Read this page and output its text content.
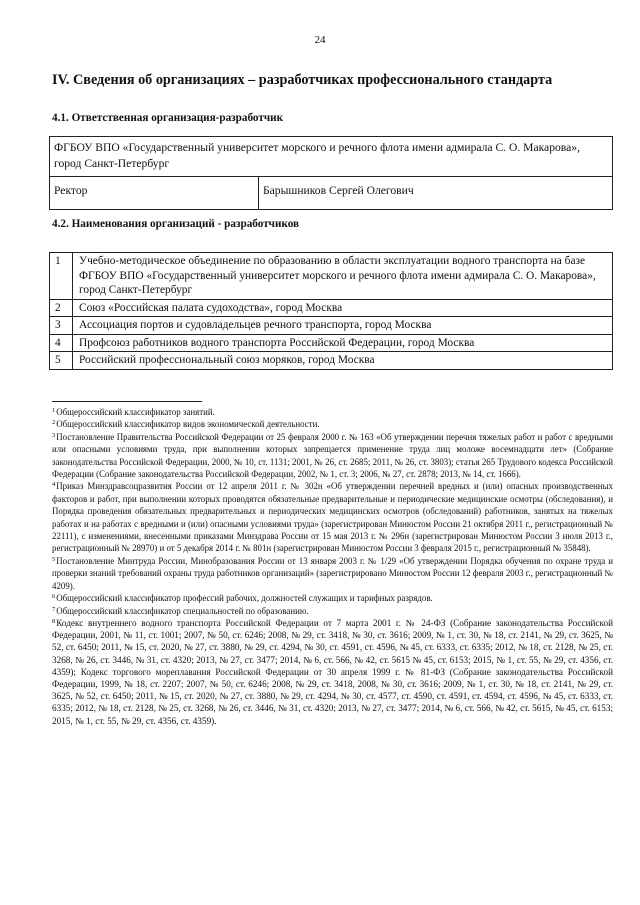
24
IV. Сведения об организациях – разработчиках профессионального стандарта
4.1. Ответственная организация-разработчик
ФГБОУ ВПО «Государственный университет морского и речного флота имени адмирала С. О. Макарова», город Санкт-Петербург
Ректор	Барышников Сергей Олегович
4.2. Наименования организаций - разработчиков
1	Учебно-методическое объединение по образованию в области эксплуатации водного транспорта на базе ФГБОУ ВПО «Государственный университет морского и речного флота имени адмирала С. О. Макарова», город Санкт-Петербург
2	Союз «Российская палата судоходства», город Москва
3	Ассоциация портов и судовладельцев речного транспорта, город Москва
4	Профсоюз работников водного транспорта Российской Федерации, город Москва
5	Российский профессиональный союз моряков, город Москва

$^1$Общероссийский классификатор занятий.

$^2$Общероссийский классификатор видов экономической деятельности.

$^3$Постановление Правительства Российской Федерации от 25 февраля 2000 г. № 163 «Об утверждении перечня тяжелых работ и работ с вредными или опасными условиями труда, при выполнении которых запрещается применение труда лиц моложе восемнадцати лет» (Собрание законодательства Российской Федерации, 2000, № 10, ст. 1131; 2001, № 26, ст. 2685; 2011, № 26, ст. 3803); статья 265 Трудового кодекса Российской Федерации (Собрание законодательства Российской Федерации, 2002, № 1, ст. 3; 2006, № 27, ст. 2878; 2013, № 14, ст. 1666).

$^4$Приказ Минздравсоцразвития России от 12 апреля 2011 г. № 302н «Об утверждении перечней вредных и (или) опасных производственных факторов и работ, при выполнении которых проводятся обязательные предварительные и периодические медицинские осмотры (обследования), и Порядка проведения обязательных предварительных и периодических медицинских осмотров (обследований) работников, занятых на тяжелых работах и на работах с вредными и (или) опасными условиями труда» (зарегистрирован Минюстом России 21 октября 2011 г., регистрационный № 22111), с изменениями, внесенными приказами Минздрава России от 15 мая 2013 г. № 296н (зарегистрирован Минюстом России 3 июля 2013 г., регистрационный № 28970) и от 5 декабря 2014 г. № 801н (зарегистрирован Минюстом России 3 февраля 2015 г., регистрационный № 35848).

$^5$Постановление Минтруда России, Минобразования России от 13 января 2003 г. № 1/29 «Об утверждении Порядка обучения по охране труда и проверки знаний требований охраны труда работников организаций» (зарегистрировано Минюстом России 12 февраля 2003 г., регистрационный № 4209).

$^6$Общероссийский классификатор профессий рабочих, должностей служащих и тарифных разрядов.

$^7$Общероссийский классификатор специальностей по образованию.

$^8$Кодекс внутреннего водного транспорта Российской Федерации от 7 марта 2001 г. № 24-ФЗ (Собрание законодательства Российской Федерации, 2001, № 11, ст. 1001; 2007, № 50, ст. 6246; 2008, № 29, ст. 3418, № 30, ст. 3616; 2009, № 1, ст. 30, № 18, ст. 2141, № 29, ст. 3625, № 52, ст. 6450; 2011, № 15, ст. 2020, № 27, ст. 3880, № 29, ст. 4294, № 30, ст. 4591, ст. 4596, № 45, ст. 6333, ст. 6335; 2012, № 18, ст. 2128, № 25, ст. 3268, № 26, ст. 3446, № 31, ст. 4320; 2013, № 27, ст. 3477; 2014, № 6, ст. 566, № 42, ст. 5615 № 45, ст. 6153; 2015, № 1, ст. 55, № 29, ст. 4356, ст. 4359); Кодекс торгового мореплавания Российской Федерации от 30 апреля 1999 г. № 81-ФЗ (Собрание законодательства Российской Федерации, 1999, № 18, ст. 2207; 2007, № 50, ст. 6246; 2008, № 29, ст. 3418, 2008, № 30, ст. 3616; 2009, № 1, ст. 30, № 18, ст. 2141, № 29, ст. 3625, № 52, ст. 6450; 2011, № 15, ст. 2020, № 27, ст. 3880, № 29, ст. 4294, № 30, ст. 4577, ст. 4590, ст. 4591, ст. 4594, ст. 4596, № 45, ст. 6333, ст. 6335; 2012, № 18, ст. 2128, № 25, ст. 3268, № 26, ст. 3446, № 31, ст. 4320; 2013, № 27, ст. 3477; 2014, № 6, ст. 566, № 42, ст. 5615, № 45, ст. 6153; 2015, № 1, ст. 55, № 29, ст. 4356, ст. 4359).
